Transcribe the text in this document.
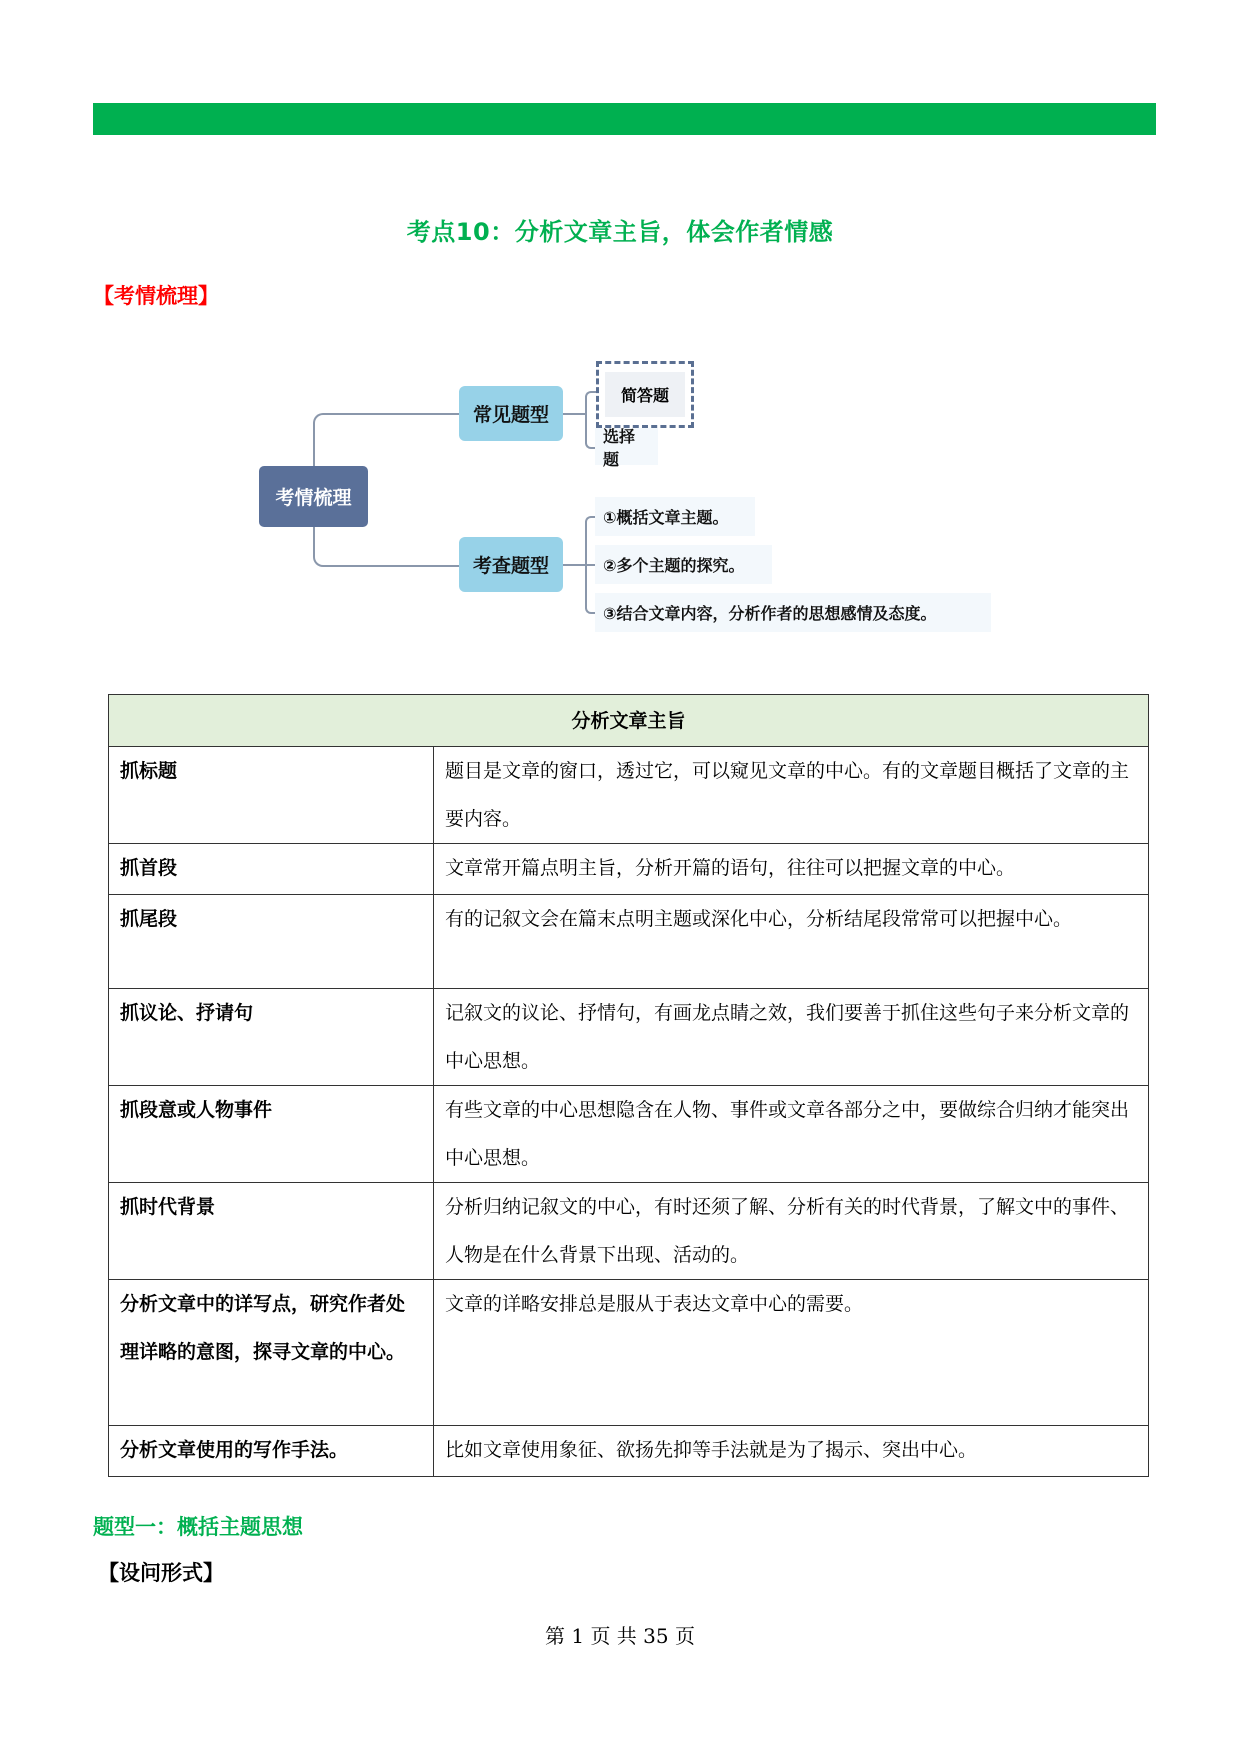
考点10：分析文章主旨，体会作者情感
【考情梳理】
考情梳理
常见题型
考查题型
简答题
选择题
①概括文章主题。
②多个主题的探究。
③结合文章内容，分析作者的思想感情及态度。
分析文章主旨	
抓标题	题目是文章的窗口，透过它，可以窥见文章的中心。有的文章题目概括了文章的主要内容。
抓首段	文章常开篇点明主旨，分析开篇的语句，往往可以把握文章的中心。
抓尾段	有的记叙文会在篇末点明主题或深化中心，分析结尾段常常可以把握中心。
抓议论、抒请句	记叙文的议论、抒情句，有画龙点睛之效，我们要善于抓住这些句子来分析文章的中心思想。
抓段意或人物事件	有些文章的中心思想隐含在人物、事件或文章各部分之中，要做综合归纳才能突出中心思想。
抓时代背景	分析归纳记叙文的中心，有时还须了解、分析有关的时代背景，了解文中的事件、人物是在什么背景下出现、活动的。
分析文章中的详写点，研究作者处理详略的意图，探寻文章的中心。	文章的详略安排总是服从于表达文章中心的需要。
分析文章使用的写作手法。	比如文章使用象征、欲扬先抑等手法就是为了揭示、突出中心。
题型一：概括主题思想
【设问形式】
第 1 页 共 35 页
